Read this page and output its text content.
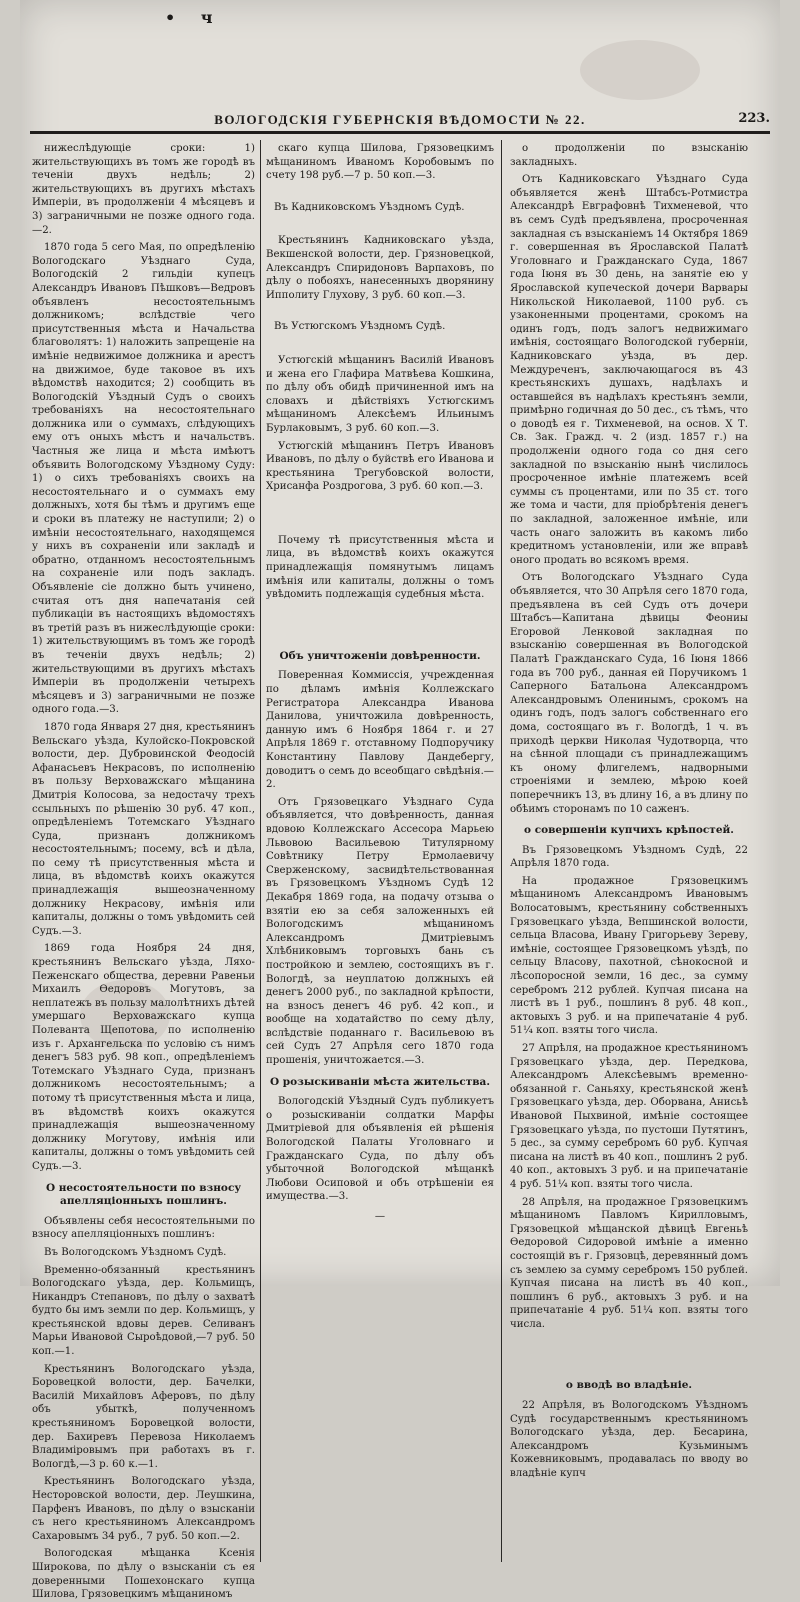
• ч
ВОЛОГОДСКІЯ ГУБЕРНСКІЯ ВѢДОМОСТИ № 22.	223.

нижеслѣдующіе сроки: 1) жительствующихъ въ томъ же городѣ въ теченіи двухъ недѣль; 2) жительствующихъ въ другихъ мѣстахъ Имперіи, въ продолженіи 4 мѣсяцевъ и 3) заграничными не позже одного года.—2.

1870 года 5 сего Мая, по опредѣленію Вологодскаго Уѣзднаго Суда, Вологодскій 2 гильдіи купецъ Александръ Ивановъ Пѣшковъ—Ведровъ объявленъ несостоятельнымъ должникомъ; вслѣдствіе чего присутственныя мѣста и Начальства благоволятъ: 1) наложить запрещеніе на имѣніе недвижимое должника и арестъ на движимое, буде таковое въ ихъ вѣдомствѣ находится; 2) сообщить въ Вологодскій Уѣздный Судъ о своихъ требованіяхъ на несостоятельнаго должника или о суммахъ, слѣдующихъ ему отъ оныхъ мѣстъ и начальствъ. Частныя же лица и мѣста имѣютъ объявить Вологодскому Уѣздному Суду: 1) о сихъ требованіяхъ своихъ на несостоятельнаго и о суммахъ ему должныхъ, хотя бы тѣмъ и другимъ еще и сроки въ платежу не наступили; 2) о имѣніи несостоятельнаго, находящемся у нихъ въ сохраненіи или закладѣ и обратно, отданномъ несостоятельнымъ на сохраненіе или подъ закладъ. Объявленіе сіе должно быть учинено, считая отъ дня напечатанія сей публикаціи въ настоящихъ вѣдомостяхъ въ третій разъ въ нижеслѣдующіе сроки: 1) жительствующимъ въ томъ же городѣ въ теченіи двухъ недѣль; 2) жительствующими въ другихъ мѣстахъ Имперіи въ продолженіи четырехъ мѣсяцевъ и 3) заграничными не позже одного года.—3.

1870 года Января 27 дня, крестьянинъ Вельскаго уѣзда, Кулойско-Покровской волости, дер. Дубровинской Феодосій Афанасьевъ Некрасовъ, по исполненію въ пользу Верховажскаго мѣщанина Дмитрія Колосова, за недостачу трехъ ссыльныхъ по рѣшенію 30 руб. 47 коп., опредѣленіемъ Тотемскаго Уѣзднаго Суда, признанъ должникомъ несостоятельнымъ; посему, всѣ и дѣла, по сему тѣ присутственныя мѣста и лица, въ вѣдомствѣ коихъ окажутся принадлежащія вышеозначенному должнику Некрасову, имѣнія или капиталы, должны о томъ увѣдомить сей Судъ.—3.

1869 года Ноября 24 дня, крестьянинъ Вельскаго уѣзда, Ляхо-Пеженскаго общества, деревни Равеньи Михаилъ Ѳедоровъ Могутовъ, за неплатежъ въ пользу малолѣтнихъ дѣтей умершаго Верховажскаго купца Полеванта Щепотова, по исполненію изъ г. Архангельска по условію съ нимъ денегъ 583 руб. 98 коп., опредѣленіемъ Тотемскаго Уѣзднаго Суда, признанъ должникомъ несостоятельнымъ; а потому тѣ присутственныя мѣста и лица, въ вѣдомствѣ коихъ окажутся принадлежащія вышеозначенному должнику Могутову, имѣнія или капиталы, должны о томъ увѣдомить сей Судъ.—3.

О несостоятельности по взносу апелляціонныхъ пошлинъ.

Объявлены себя несостоятельными по взносу апелляціонныхъ пошлинъ:

Въ Вологодскомъ Уѣздномъ Судѣ.

Временно-обязанный крестьянинъ Вологодскаго уѣзда, дер. Кольмищъ, Никандръ Степановъ, по дѣлу о захватѣ будто бы имъ земли по дер. Кольмищъ, у крестьянской вдовы дерев. Селиванъ Марьи Ивановой Сыроѣдовой,—7 руб. 50 коп.—1.

Крестьянинъ Вологодскаго уѣзда, Боровецкой волости, дер. Бачелки, Василій Михайловъ Аферовъ, по дѣлу объ убыткѣ, полученномъ крестьяниномъ Боровецкой волости, дер. Бахиревъ Перевоза Николаемъ Владиміровымъ при работахъ въ г. Вологдѣ,—3 р. 60 к.—1.

Крестьянинъ Вологодскаго уѣзда, Несторовской волости, дер. Леушкина, Парфенъ Ивановъ, по дѣлу о взысканіи съ него крестьяниномъ Александромъ Сахаровымъ 34 руб., 7 руб. 50 коп.—2.

Вологодская мѣщанка Ксенія Широкова, по дѣлу о взысканіи съ ея доверенными Пошехонскаго купца Шилова, Грязовецкимъ мѣщаниномъ

скаго купца Шилова, Грязовецкимъ мѣщаниномъ Иваномъ Коробовымъ по счету 198 руб.—7 р. 50 коп.—3.

Въ Кадниковскомъ Уѣздномъ Судѣ.

Крестьянинъ Кадниковскаго уѣзда, Векшенской волости, дер. Грязновецкой, Александръ Спиридоновъ Варпаховъ, по дѣлу о побояхъ, нанесенныхъ дворянину Ипполиту Глухову, 3 руб. 60 коп.—3.

Въ Устюгскомъ Уѣздномъ Судѣ.

Устюгскій мѣщанинъ Василій Ивановъ и жена его Глафира Матвѣева Кошкина, по дѣлу объ обидѣ причиненной имъ на словахъ и дѣйствіяхъ Устюгскимъ мѣщаниномъ Алексѣемъ Ильинымъ Бурлаковымъ, 3 руб. 60 коп.—3.

Устюгскій мѣщанинъ Петръ Ивановъ Ивановъ, по дѣлу о буйствѣ его Иванова и крестьянина Трегубовской волости, Хрисанфа Роздрогова, 3 руб. 60 коп.—3.

Почему тѣ присутственныя мѣста и лица, въ вѣдомствѣ коихъ окажутся принадлежащія помянутымъ лицамъ имѣнія или капиталы, должны о томъ увѣдомить подлежащія судебныя мѣста.

Объ уничтоженіи довѣренности.

Поверенная Коммиссія, учрежденная по дѣламъ имѣнія Коллежскаго Регистратора Александра Иванова Данилова, уничтожила довѣренность, данную имъ 6 Ноября 1864 г. и 27 Апрѣля 1869 г. отставному Подпоручику Константину Павлову Дандебергу, доводитъ о семъ до всеобщаго свѣдѣнія.—2.

Отъ Грязовецкаго Уѣзднаго Суда объявляется, что довѣренность, данная вдовою Коллежскаго Ассесора Марьею Львовою Васильевою Титулярному Совѣтнику Петру Ермолаевичу Сверженскому, засвидѣтельствованная въ Грязовецкомъ Уѣздномъ Судѣ 12 Декабря 1869 года, на подачу отзыва о взятіи ею за себя заложенныхъ ей Вологодскимъ мѣщаниномъ Александромъ Дмитріевымъ Хлѣбниковымъ торговыхъ бань съ постройкою и землею, состоящихъ въ г. Вологдѣ, за неуплатою должныхъ ей денегъ 2000 руб., по закладной крѣпости, на взносъ денегъ 46 руб. 42 коп., и вообще на ходатайство по сему дѣлу, вслѣдствіе поданнаго г. Васильевою въ сей Судъ 27 Апрѣля сего 1870 года прошенія, уничтожается.—3.

О розыскиваніи мѣста жительства.

Вологодскій Уѣздный Судъ публикуетъ о розыскиваніи солдатки Марфы Дмитріевой для объявленія ей рѣшенія Вологодской Палаты Уголовнаго и Гражданскаго Суда, по дѣлу объ убыточной Вологодской мѣщанкѣ Любови Осиповой и объ отрѣшеніи ея имущества.—3.

—

о продолженіи по взысканію закладныхъ.

Отъ Кадниковскаго Уѣзднаго Суда объявляется женѣ Штабсъ-Ротмистра Александрѣ Евграфовнѣ Тихменевой, что въ семъ Судѣ предъявлена, просроченная закладная съ взысканіемъ 14 Октября 1869 г. совершенная въ Ярославской Палатѣ Уголовнаго и Гражданскаго Суда, 1867 года Іюня въ 30 день, на занятіе ею у Ярославской купеческой дочери Варвары Никольской Николаевой, 1100 руб. съ узаконенными процентами, срокомъ на одинъ годъ, подъ залогъ недвижимаго имѣнія, состоящаго Вологодской губерніи, Кадниковскаго уѣзда, въ дер. Междуреченъ, заключающагося въ 43 крестьянскихъ душахъ, надѣлахъ и оставшейся въ надѣлахъ крестьянъ земли, примѣрно годичная до 50 дес., съ тѣмъ, что о доводѣ ея г. Тихменевой, на основ. Х Т. Св. Зак. Гражд. ч. 2 (изд. 1857 г.) на продолженіи одного года со дня сего закладной по взысканію нынѣ числилось просроченное имѣніе платежемъ всей суммы съ процентами, или по 35 ст. того же тома и части, для пріобрѣтенія денегъ по закладной, заложенное имѣніе, или часть онаго заложить въ какомъ либо кредитномъ установленіи, или же вправѣ оного продать во всякомъ время.

Отъ Вологодскаго Уѣзднаго Суда объявляется, что 30 Апрѣля сего 1870 года, предъявлена въ сей Судъ отъ дочери Штабсъ—Капитана дѣвицы Феониы Егоровой Ленковой закладная по взысканію совершенная въ Вологодской Палатѣ Гражданскаго Суда, 16 Іюня 1866 года въ 700 руб., данная ей Поручикомъ 1 Саперного Батальона Александромъ Александровымъ Оленинымъ, срокомъ на одинъ годъ, подъ залогъ собственнаго его дома, состоящаго въ г. Вологдѣ, 1 ч. въ приходѣ церкви Николая Чудотворца, что на сѣнной площади съ принадлежащимъ къ оному флигелемъ, надворными строеніями и землею, мѣрою коей поперечникъ 13, въ длину 16, а въ длину по обѣимъ сторонамъ по 10 саженъ.

о совершеніи купчихъ крѣпостей.

Въ Грязовецкомъ Уѣздномъ Судѣ, 22 Апрѣля 1870 года.

На продажное Грязовецкимъ мѣщаниномъ Александромъ Ивановымъ Волосатовымъ, крестьянину собственныхъ Грязовецкаго уѣзда, Вепшинской волости, сельца Власова, Ивану Григорьеву Зереву, имѣніе, состоящее Грязовецкомъ уѣздѣ, по сельцу Власову, пахотной, сѣнокосной и лѣсопоросной земли, 16 дес., за сумму серебромъ 212 рублей. Купчая писана на листѣ въ 1 руб., пошлинъ 8 руб. 48 коп., актовыхъ 3 руб. и на припечатаніе 4 руб. 51¼ коп. взяты того числа.

27 Апрѣля, на продажное крестьяниномъ Грязовецкаго уѣзда, дер. Передкова, Александромъ Алексѣевымъ временно-обязанной г. Саньяху, крестьянской женѣ Грязовецкаго уѣзда, дер. Оборвана, Анисьѣ Ивановой Пыхвиной, имѣніе состоящее Грязовецкаго уѣзда, по пустоши Путятинъ, 5 дес., за сумму серебромъ 60 руб. Купчая писана на листѣ въ 40 коп., пошлинъ 2 руб. 40 коп., актовыхъ 3 руб. и на припечатаніе 4 руб. 51¼ коп. взяты того числа.

28 Апрѣля, на продажное Грязовецкимъ мѣщаниномъ Павломъ Кирилловымъ, Грязовецкой мѣщанской дѣвицѣ Евгеньѣ Ѳедоровой Сидоровой имѣніе а именно состоящій въ г. Грязовцѣ, деревянный домъ съ землею за сумму серебромъ 150 рублей. Купчая писана на листѣ въ 40 коп., пошлинъ 6 руб., актовыхъ 3 руб. и на припечатаніе 4 руб. 51¼ коп. взяты того числа.

о вводѣ во владѣніе.

22 Апрѣля, въ Вологодскомъ Уѣздномъ Судѣ государственнымъ крестьяниномъ Вологодскаго уѣзда, дер. Бесарина, Александромъ Кузьминымъ Кожевниковымъ, продавалась по вводу во владѣніе купч
